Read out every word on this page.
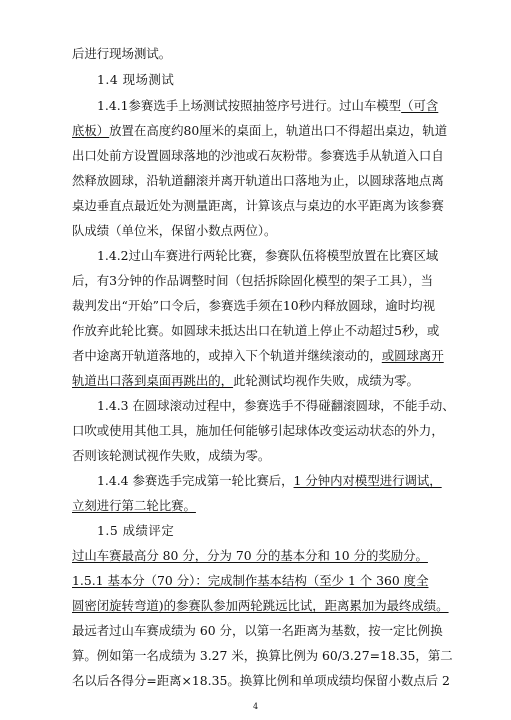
后进行现场测试。
1.4 现场测试
1.4.1参赛选手上场测试按照抽签序号进行。过山车模型（可含
底板）放置在高度约80厘米的桌面上，轨道出口不得超出桌边，轨道
出口处前方设置圆球落地的沙池或石灰粉带。参赛选手从轨道入口自
然释放圆球，沿轨道翻滚并离开轨道出口落地为止，以圆球落地点离
桌边垂直点最近处为测量距离，计算该点与桌边的水平距离为该参赛
队成绩（单位米，保留小数点两位）。
1.4.2过山车赛进行两轮比赛，参赛队伍将模型放置在比赛区域
后，有3分钟的作品调整时间（包括拆除固化模型的架子工具），当
裁判发出“开始”口令后，参赛选手须在10秒内释放圆球，逾时均视
作放弃此轮比赛。如圆球未抵达出口在轨道上停止不动超过5秒，或
者中途离开轨道落地的，或掉入下个轨道并继续滚动的，或圆球离开
轨道出口落到桌面再跳出的，此轮测试均视作失败，成绩为零。
1.4.3 在圆球滚动过程中，参赛选手不得碰翻滚圆球，不能手动、
口吹或使用其他工具，施加任何能够引起球体改变运动状态的外力，
否则该轮测试视作失败，成绩为零。
1.4.4 参赛选手完成第一轮比赛后，1 分钟内对模型进行调试，
立刻进行第二轮比赛。
1.5 成绩评定
过山车赛最高分 80 分，分为 70 分的基本分和 10 分的奖励分。
1.5.1 基本分（70 分）：完成制作基本结构（至少 1 个 360 度全
圆密闭旋转弯道)的参赛队参加两轮跳远比试，距离累加为最终成绩。
最远者过山车赛成绩为 60 分，以第一名距离为基数，按一定比例换
算。例如第一名成绩为 3.27 米，换算比例为 60/3.27=18.35，第二
名以后各得分=距离×18.35。换算比例和单项成绩均保留小数点后 2
4
